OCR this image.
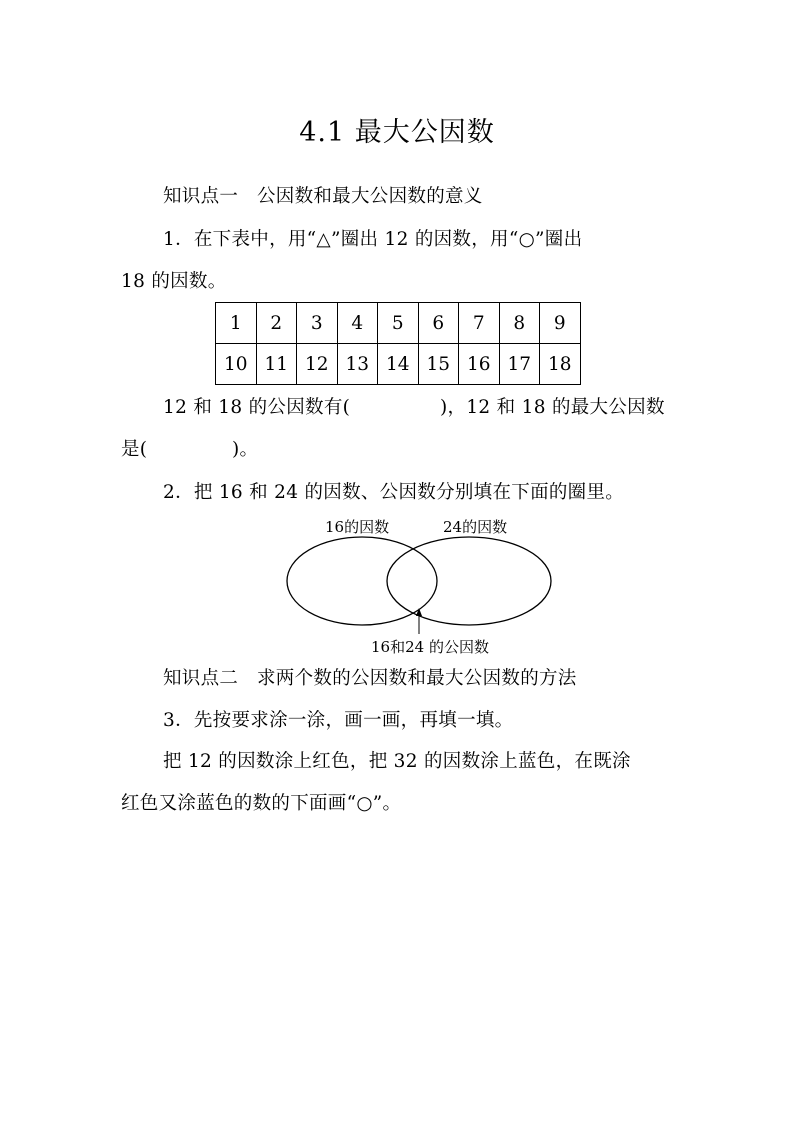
4.1 最大公因数
知识点一　公因数和最大公因数的意义
1．在下表中，用“△”圈出 12 的因数，用“○”圈出
18 的因数。
1	2	3	4	5	6	7	8	9
10	11	12	13	14	15	16	17	18
12 和 18 的公因数有(	)，12 和 18 的最大公因数
是(	)。
2．把 16 和 24 的因数、公因数分别填在下面的圈里。
16的因数	24的因数
16和24 的公因数
知识点二　求两个数的公因数和最大公因数的方法
3．先按要求涂一涂，画一画，再填一填。
把 12 的因数涂上红色，把 32 的因数涂上蓝色，在既涂
红色又涂蓝色的数的下面画“○”。
